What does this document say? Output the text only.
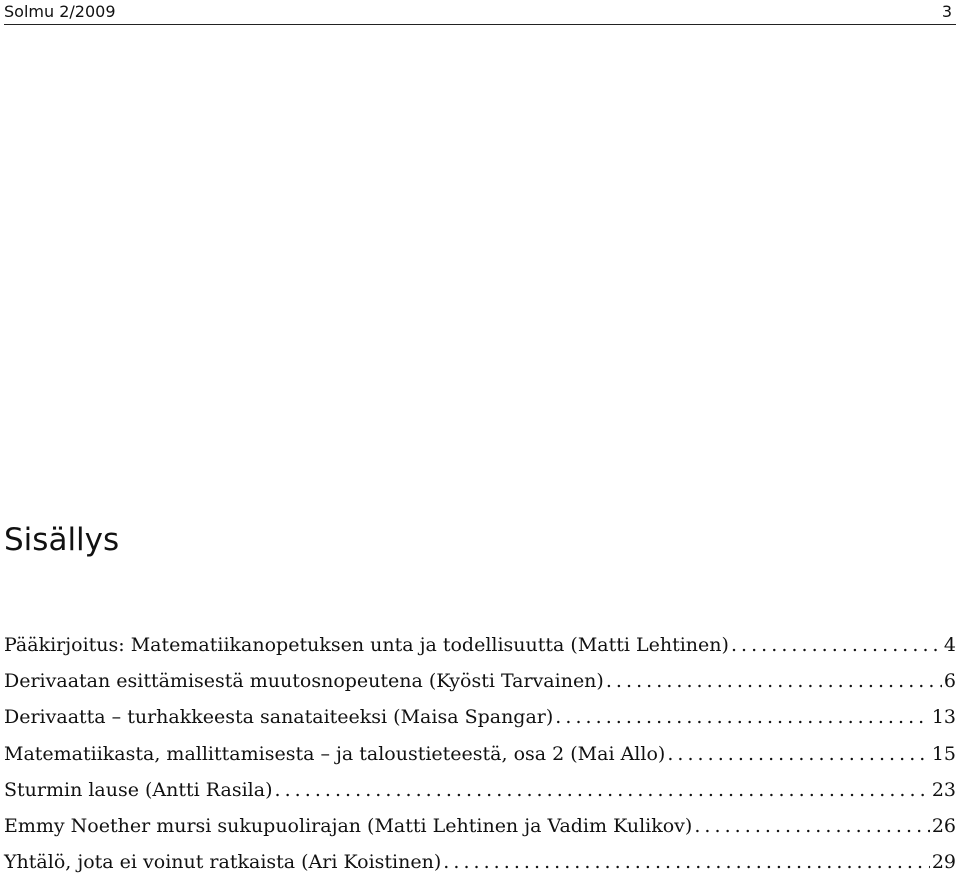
Solmu 2/2009	3
Sisällys
Pääkirjoitus: Matematiikanopetuksen unta ja todellisuutta (Matti Lehtinen) . . .	4
Derivaatan esittämisestä muutosnopeutena (Kyösti Tarvainen) . . .	6
Derivaatta – turhakkeesta sanataiteeksi (Maisa Spangar) . . .	13
Matematiikasta, mallittamisesta – ja taloustieteestä, osa 2 (Mai Allo) . . .	15
Sturmin lause (Antti Rasila) . . .	23
Emmy Noether mursi sukupuolirajan (Matti Lehtinen ja Vadim Kulikov) . . .	26
Yhtälö, jota ei voinut ratkaista (Ari Koistinen) . . .	29
